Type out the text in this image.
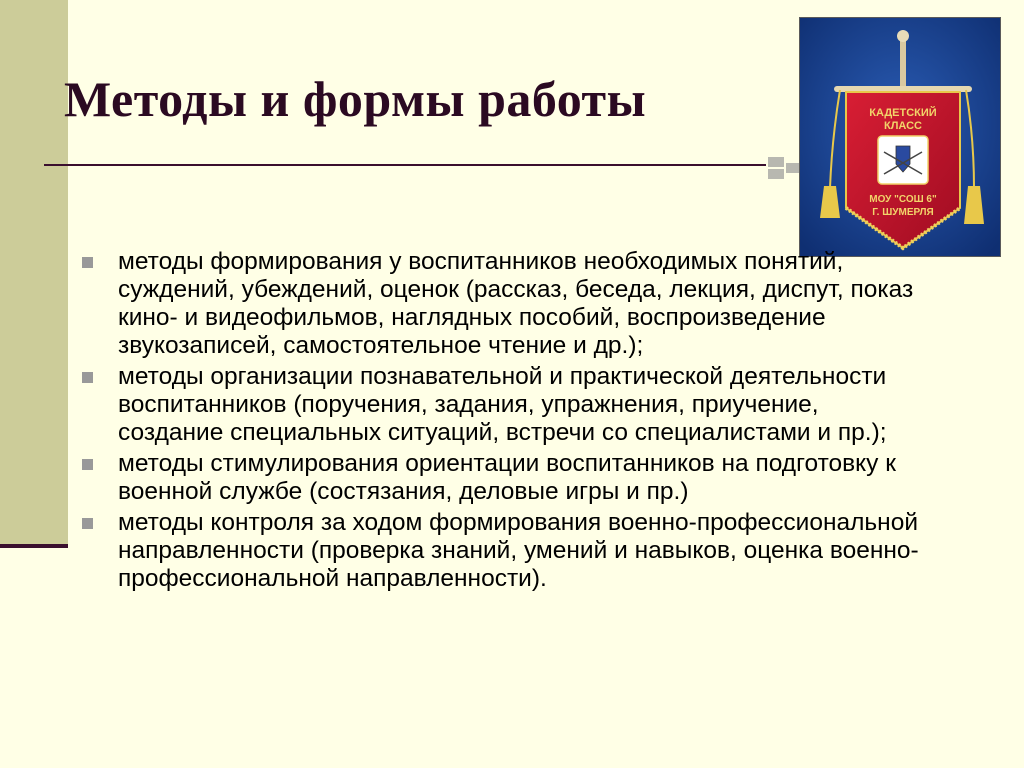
Методы и формы работы	КАДЕТСКИЙ
КЛАСС
МОУ "СОШ 6"
Г. ШУМЕРЛЯ
методы формирования у воспитанников необходимых понятий, суждений, убеждений, оценок (рассказ, беседа, лекция, диспут, показ кино- и видеофильмов, наглядных пособий, воспроизведение звукозаписей, самостоятельное чтение и др.);
методы организации познавательной и практической деятельности воспитанников (поручения, задания, упражнения, приучение, создание специальных ситуаций, встречи со специалистами и пр.);
методы стимулирования ориентации воспитанников на подготовку к военной службе (состязания, деловые игры и пр.)
методы контроля за ходом формирования военно-профессиональной направленности (проверка знаний, умений и навыков, оценка военно-профессиональной направленности).
